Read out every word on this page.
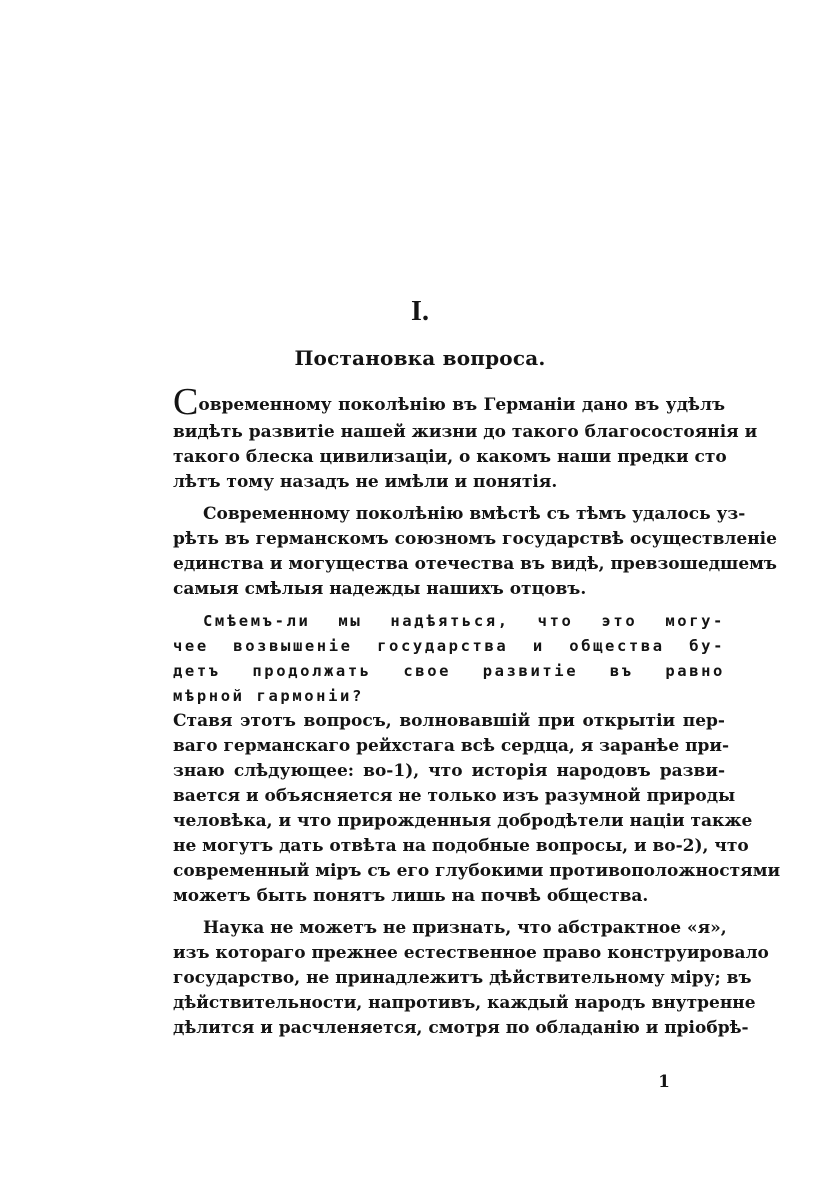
I.
Постановка вопроса.
Современному поколѣнію въ Германіи дано въ удѣлъ
видѣть развитіе нашей жизни до такого благосостоянія и
такого блеска цивилизаціи, о какомъ наши предки сто
лѣтъ тому назадъ не имѣли и понятія.
Современному поколѣнію вмѣстѣ съ тѣмъ удалось уз-
рѣть въ германскомъ союзномъ государствѣ осуществленіе
единства и могущества отечества въ видѣ, превзошедшемъ
самыя смѣлыя надежды нашихъ отцовъ.
Смѣемъ-ли мы надѣяться, что это могу-
чее возвышеніе государства и общества бу-
детъ продолжать свое развитіе въ равно
мѣрной гармоніи?
Ставя этотъ вопросъ, волновавшій при открытіи пер-
ваго германскаго рейхстага всѣ сердца, я заранѣе при-
знаю слѣдующее: во-1), что исторія народовъ разви-
вается и объясняется не только изъ разумной природы
человѣка, и что прирожденныя добродѣтели націи также
не могутъ дать отвѣта на подобные вопросы, и во-2), что
современный міръ съ его глубокими противоположностями
можетъ быть понятъ лишь на почвѣ общества.
Наука не можетъ не признать, что абстрактное «я»,
изъ котораго прежнее естественное право конструировало
государство, не принадлежитъ дѣйствительному міру; въ
дѣйствительности, напротивъ, каждый народъ внутренне
дѣлится и расчленяется, смотря по обладанію и пріобрѣ-
1
